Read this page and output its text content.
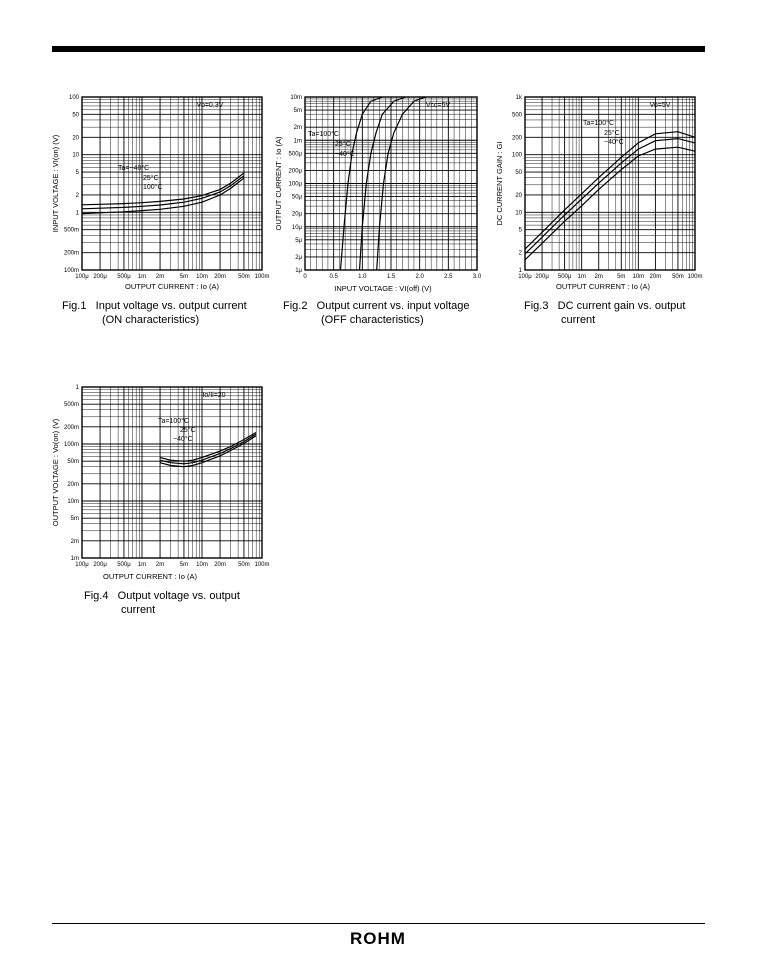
100μ 200μ 500μ 1m 2m	5m 10m 20m 50m 100m
100m
200m
500m
1
2
5
10
20
50
100
OUTPUT CURRENT : Io (A)
INPUT VOLTAGE : VI(on) (V)
Vo=0.3V
Ta=−40°C
25°C
100°C
0	0.5	1.0	1.5	2.0	2.5	3.0
1μ
2μ
5μ
10μ
20μ
50μ
100μ
200μ
500μ
1m
2m
5m
10m
INPUT VOLTAGE : VI(off) (V)
OUTPUT CURRENT : Io (A)
Vcc=5V
Ta=100°C
25°C
−40°C
100μ 200μ 500μ 1m 2m 5m 10m 20m 50m 100m
1
2
5
10
20
50
100
200
500
1k
OUTPUT CURRENT : Io (A)
DC CURRENT GAIN : GI
Vo=5V
Ta=100°C
25°C
−40°C
100μ 200μ 500μ 1m 2m	5m 10m 20m 50m 100m
1m
2m
5m
10m
20m
50m
100m
200m
500m
1
OUTPUT CURRENT : Io (A)
OUTPUT VOLTAGE : Vo(on) (V)
Io/Ii=20
Ta=100°C
25°C
−40°C
Fig.1 Input voltage vs. output current
(ON characteristics)
Fig.2 Output current vs. input voltage
(OFF characteristics)
Fig.3 DC current gain vs. output
current
Fig.4 Output voltage vs. output
current
ROHM
